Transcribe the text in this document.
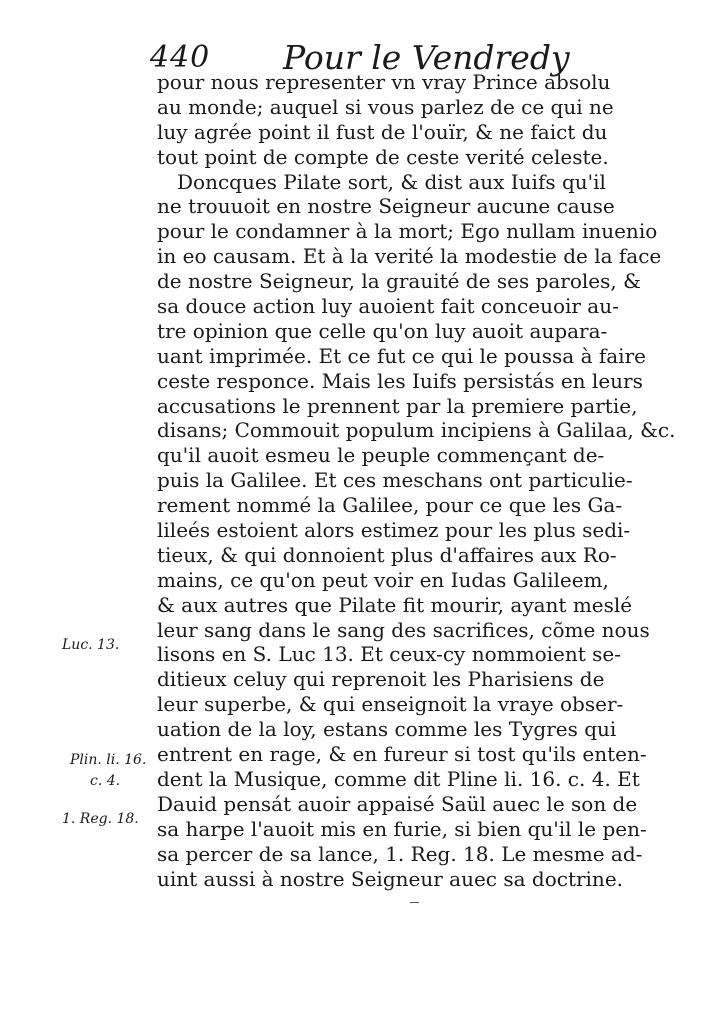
440 Pour le Vendredy
pour nous representer vn vray Prince absolu
au monde; auquel si vous parlez de ce qui ne
luy agrée point il fust de l'ouïr, & ne faict du
tout point de compte de ceste verité celeste.
Doncques Pilate sort, & dist aux Iuifs qu'il
ne trouuoit en nostre Seigneur aucune cause
pour le condamner à la mort; Ego nullam inuenio
in eo causam. Et à la verité la modestie de la face
de nostre Seigneur, la grauité de ses paroles, &
sa douce action luy auoient fait conceuoir au-
tre opinion que celle qu'on luy auoit aupara-
uant imprimée. Et ce fut ce qui le poussa à faire
ceste responce. Mais les Iuifs persistás en leurs
accusations le prennent par la premiere partie,
disans; Commouit populum incipiens à Galilaa, &c.
qu'il auoit esmeu le peuple commençant de-
puis la Galilee. Et ces meschans ont particulie-
rement nommé la Galilee, pour ce que les Ga-
lileés estoient alors estimez pour les plus sedi-
tieux, & qui donnoient plus d'affaires aux Ro-
mains, ce qu'on peut voir en Iudas Galileem,
& aux autres que Pilate fit mourir, ayant meslé
leur sang dans le sang des sacrifices, cõme nous
lisons en S. Luc 13. Et ceux-cy nommoient se-
ditieux celuy qui reprenoit les Pharisiens de
leur superbe, & qui enseignoit la vraye obser-
uation de la loy, estans comme les Tygres qui
entrent en rage, & en fureur si tost qu'ils enten-
dent la Musique, comme dit Pline li. 16. c. 4. Et
Dauid pensát auoir appaisé Saül auec le son de
sa harpe l'auoit mis en furie, si bien qu'il le pen-
sa percer de sa lance, 1. Reg. 18. Le mesme ad-
uint aussi à nostre Seigneur auec sa doctrine.
Luc. 13.
Plin. li. 16.
c. 4.
1. Reg. 18.
